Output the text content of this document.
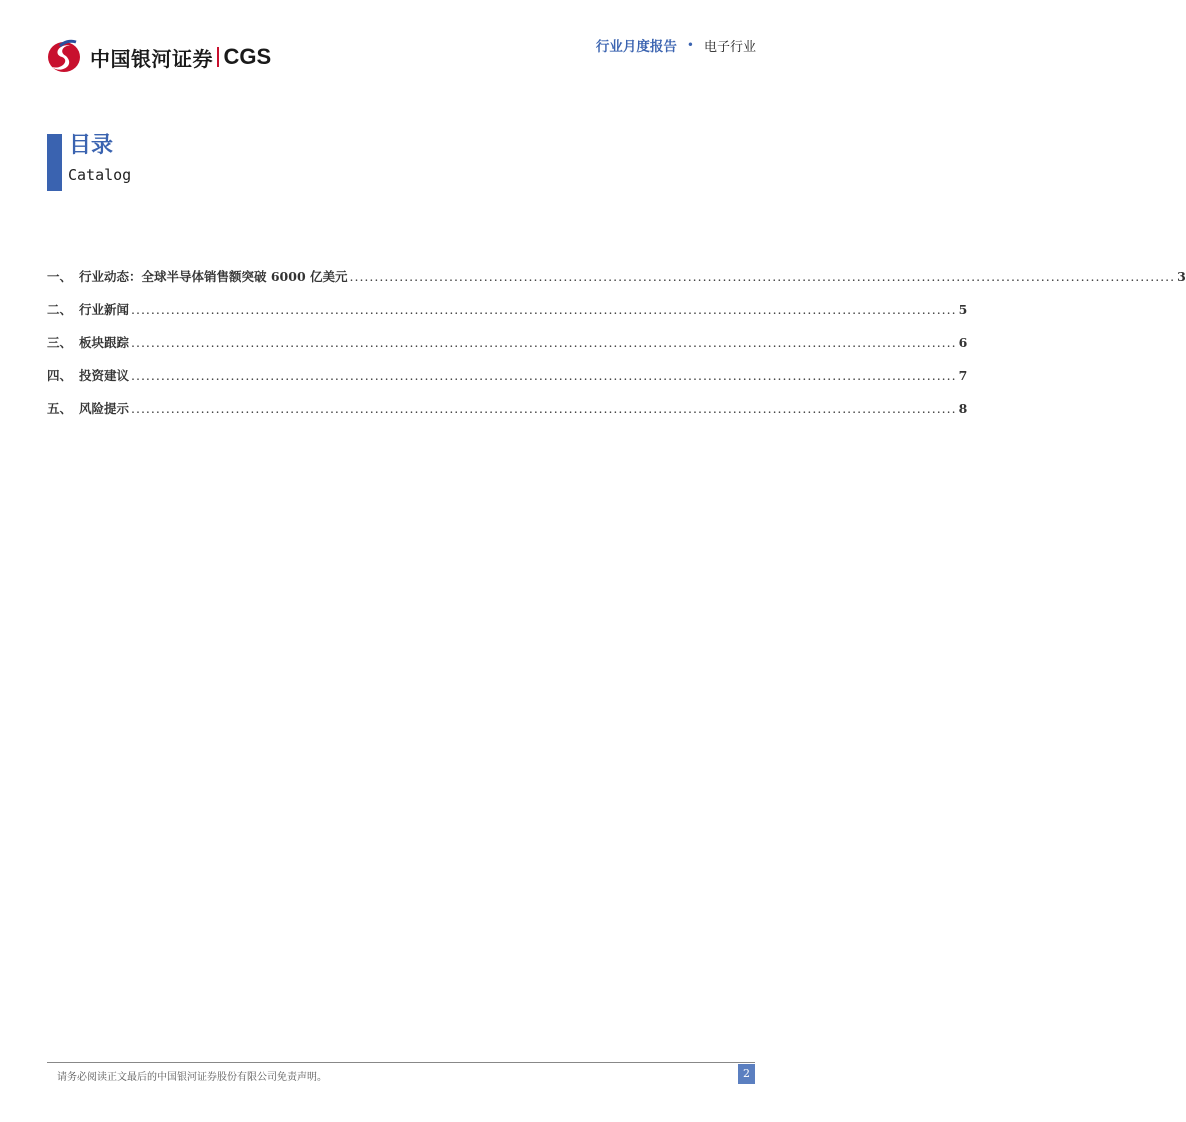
中国银河证券 CGS	行业月度报告 • 电子行业
目录
Catalog
一、 行业动态：全球半导体销售额突破 6000 亿美元 ...................................................................................................................................................................... 3
二、 行业新闻 ...................................................................................................................................................................... 5
三、 板块跟踪 ...................................................................................................................................................................... 6
四、 投资建议 ...................................................................................................................................................................... 7
五、 风险提示 ...................................................................................................................................................................... 8
请务必阅读正文最后的中国银河证券股份有限公司免责声明。	2
